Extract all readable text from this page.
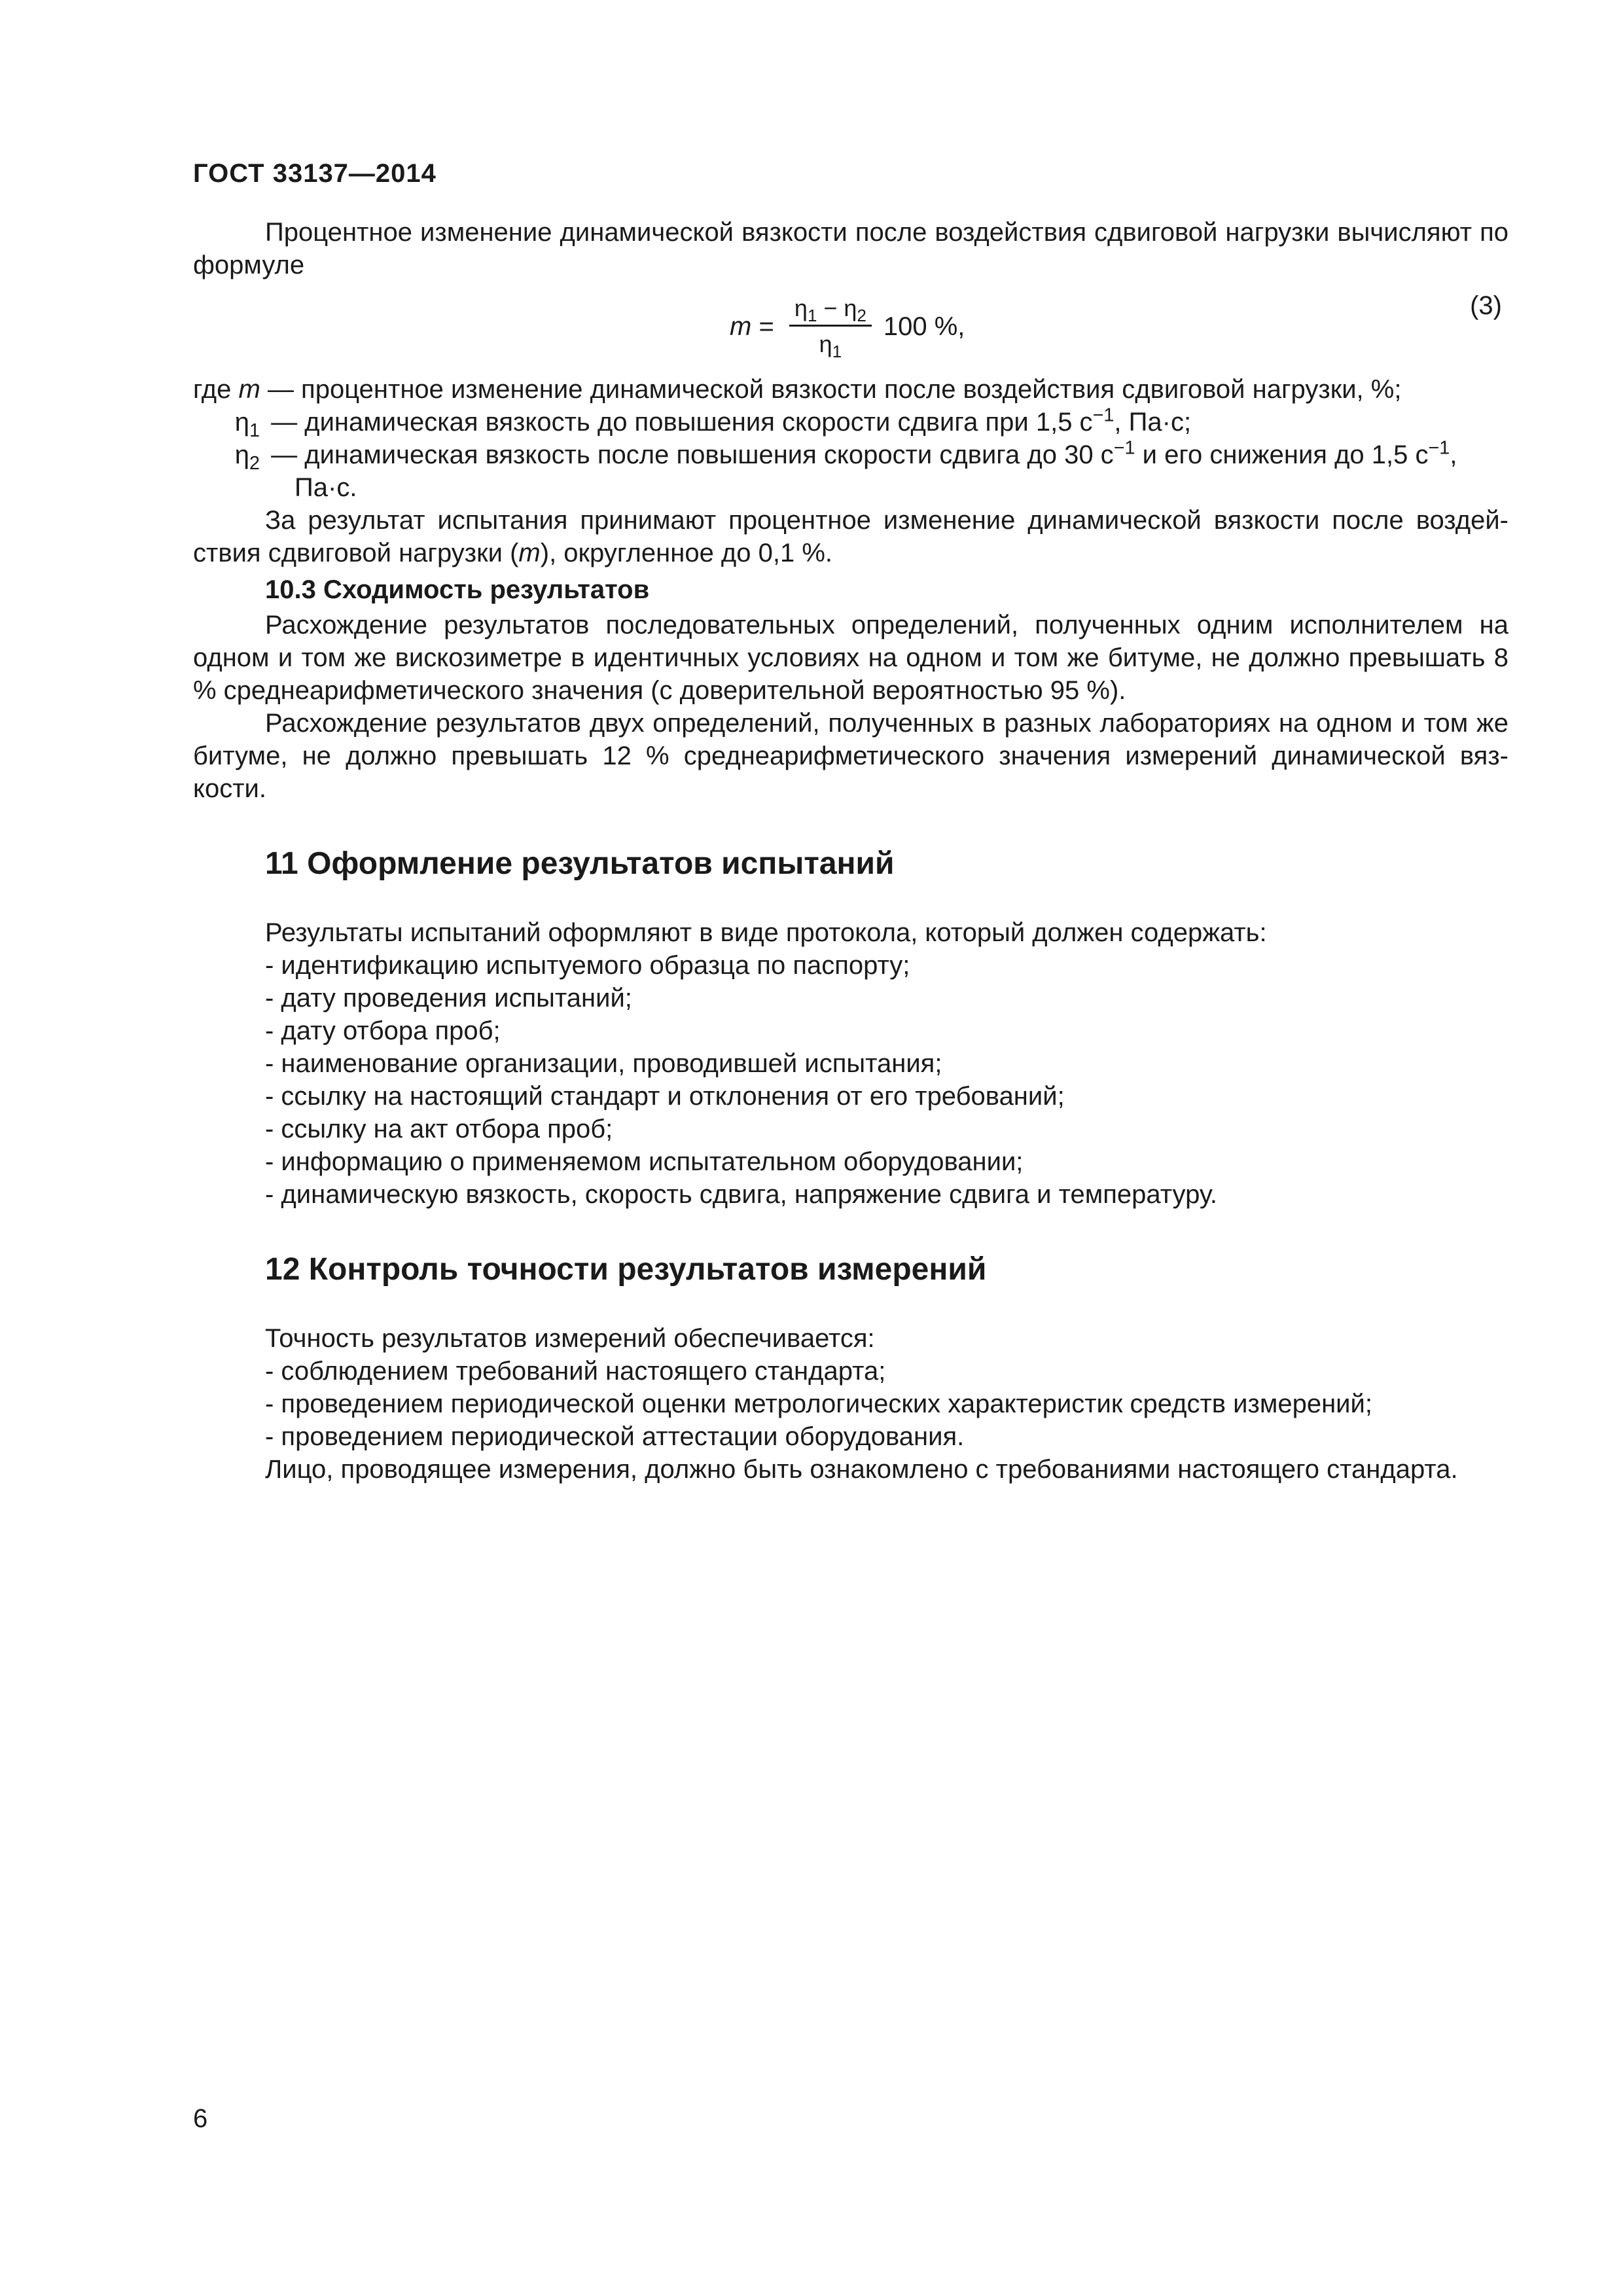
ГОСТ 33137—2014

Процентное изменение динамической вязкости после воздействия сдвиговой нагрузки вычисляют по формуле

$m = \frac{\eta_1 - \eta_2}{\eta_1} 100$ %,
(3)
где m — процентное изменение динамической вязкости после воздействия сдвиговой нагрузки, %;
$\eta_1$ — динамическая вязкость до повышения скорости сдвига при 1,5 $с^{-1}$, Па·с;
$\eta_2$ — динамическая вязкость после повышения скорости сдвига до 30 $с^{-1}$ и его снижения до 1,5 $с^{-1}$,
Па·с.

За результат испытания принимают процентное изменение динамической вязкости после воздей-ствия сдвиговой нагрузки (m), округленное до 0,1 %.

10.3 Сходимость результатов

Расхождение результатов последовательных определений, полученных одним исполнителем на одном и том же вискозиметре в идентичных условиях на одном и том же битуме, не должно превышать 8 % среднеарифметического значения (с доверительной вероятностью 95 %).

Расхождение результатов двух определений, полученных в разных лабораториях на одном и том же битуме, не должно превышать 12 % среднеарифметического значения измерений динамической вяз-кости.

11 Оформление результатов испытаний

Результаты испытаний оформляют в виде протокола, который должен содержать:

- идентификацию испытуемого образца по паспорту;
- дату проведения испытаний;
- дату отбора проб;
- наименование организации, проводившей испытания;
- ссылку на настоящий стандарт и отклонения от его требований;
- ссылку на акт отбора проб;
- информацию о применяемом испытательном оборудовании;
- динамическую вязкость, скорость сдвига, напряжение сдвига и температуру.
12 Контроль точности результатов измерений

Точность результатов измерений обеспечивается:

- соблюдением требований настоящего стандарта;
- проведением периодической оценки метрологических характеристик средств измерений;
- проведением периодической аттестации оборудования.

Лицо, проводящее измерения, должно быть ознакомлено с требованиями настоящего стандарта.

6
